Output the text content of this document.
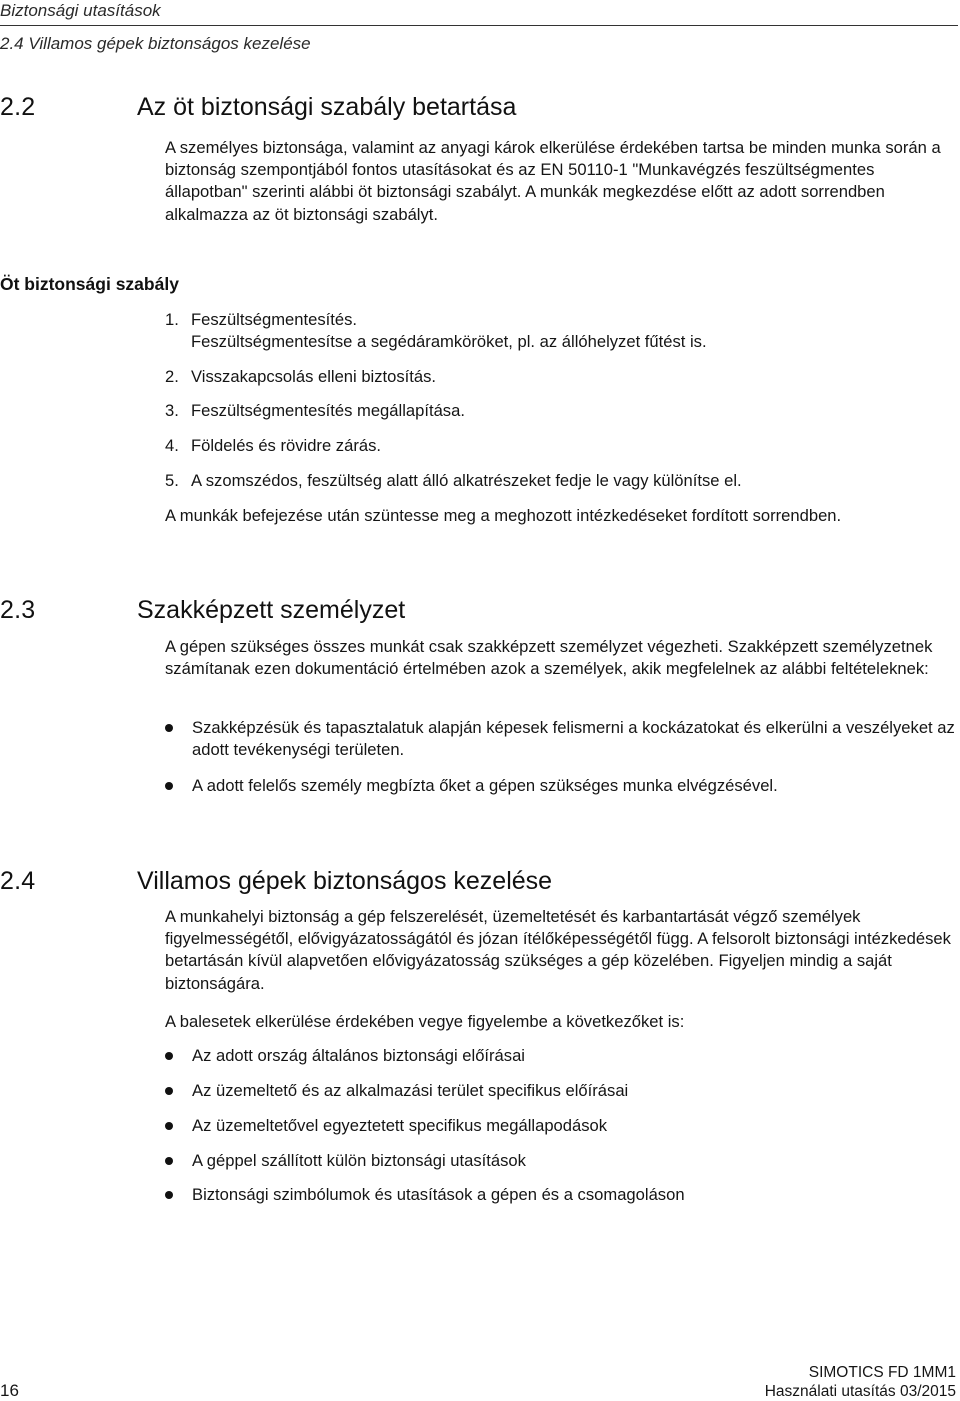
Biztonsági utasítások
2.4 Villamos gépek biztonságos kezelése
2.2	Az öt biztonsági szabály betartása
A személyes biztonsága, valamint az anyagi károk elkerülése érdekében tartsa be minden munka során a biztonság szempontjából fontos utasításokat és az EN 50110-1 "Munkavégzés feszültségmentes állapotban" szerinti alábbi öt biztonsági szabályt. A munkák megkezdése előtt az adott sorrendben alkalmazza az öt biztonsági szabályt.
Öt biztonsági szabály
1. Feszültségmentesítés.
Feszültségmentesítse a segédáramköröket, pl. az állóhelyzet fűtést is.
2. Visszakapcsolás elleni biztosítás.
3. Feszültségmentesítés megállapítása.
4. Földelés és rövidre zárás.
5. A szomszédos, feszültség alatt álló alkatrészeket fedje le vagy különítse el.
A munkák befejezése után szüntesse meg a meghozott intézkedéseket fordított sorrendben.
2.3	Szakképzett személyzet
A gépen szükséges összes munkát csak szakképzett személyzet végezheti. Szakképzett személyzetnek számítanak ezen dokumentáció értelmében azok a személyek, akik megfelelnek az alábbi feltételeknek:
Szakképzésük és tapasztalatuk alapján képesek felismerni a kockázatokat és elkerülni a veszélyeket az adott tevékenységi területen.
A adott felelős személy megbízta őket a gépen szükséges munka elvégzésével.
2.4	Villamos gépek biztonságos kezelése
A munkahelyi biztonság a gép felszerelését, üzemeltetését és karbantartását végző személyek figyelmességétől, elővigyázatosságától és józan ítélőképességétől függ. A felsorolt biztonsági intézkedések betartásán kívül alapvetően elővigyázatosság szükséges a gép közelében. Figyeljen mindig a saját biztonságára.
A balesetek elkerülése érdekében vegye figyelembe a következőket is:
Az adott ország általános biztonsági előírásai
Az üzemeltető és az alkalmazási terület specifikus előírásai
Az üzemeltetővel egyeztetett specifikus megállapodások
A géppel szállított külön biztonsági utasítások
Biztonsági szimbólumok és utasítások a gépen és a csomagoláson
16
SIMOTICS FD 1MM1
Használati utasítás 03/2015
